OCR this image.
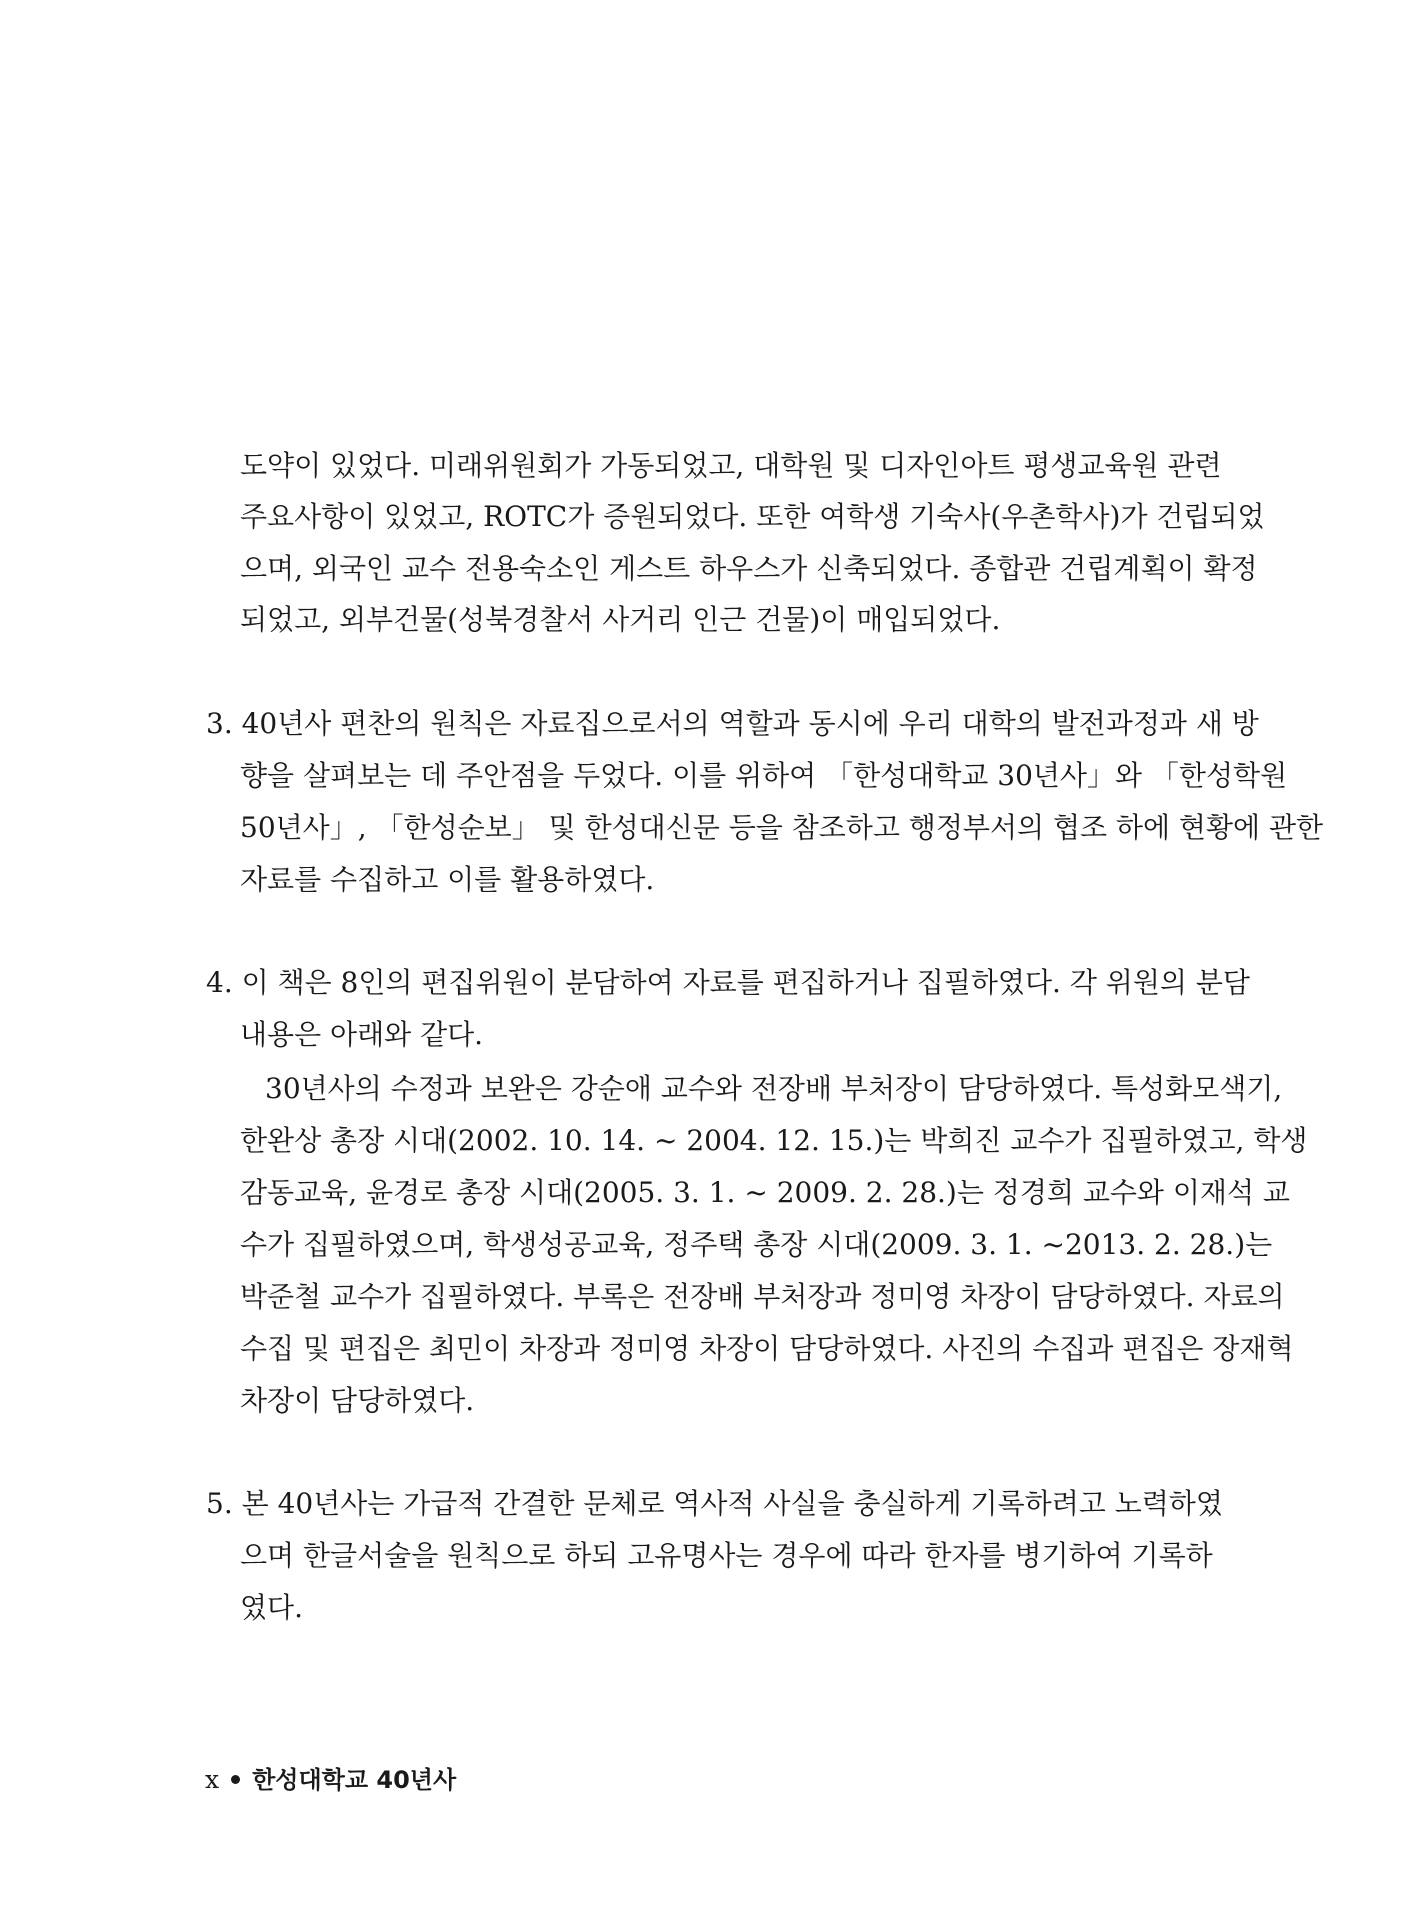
도약이 있었다. 미래위원회가 가동되었고, 대학원 및 디자인아트 평생교육원 관련
주요사항이 있었고, ROTC가 증원되었다. 또한 여학생 기숙사(우촌학사)가 건립되었
으며, 외국인 교수 전용숙소인 게스트 하우스가 신축되었다. 종합관 건립계획이 확정
되었고, 외부건물(성북경찰서 사거리 인근 건물)이 매입되었다.
3. 40년사 편찬의 원칙은 자료집으로서의 역할과 동시에 우리 대학의 발전과정과 새 방
향을 살펴보는 데 주안점을 두었다. 이를 위하여 「한성대학교 30년사」와 「한성학원
50년사」, 「한성순보」 및 한성대신문 등을 참조하고 행정부서의 협조 하에 현황에 관한
자료를 수집하고 이를 활용하였다.
4. 이 책은 8인의 편집위원이 분담하여 자료를 편집하거나 집필하였다. 각 위원의 분담
내용은 아래와 같다.
30년사의 수정과 보완은 강순애 교수와 전장배 부처장이 담당하였다. 특성화모색기,
한완상 총장 시대(2002. 10. 14. ~ 2004. 12. 15.)는 박희진 교수가 집필하였고, 학생
감동교육, 윤경로 총장 시대(2005. 3. 1. ~ 2009. 2. 28.)는 정경희 교수와 이재석 교
수가 집필하였으며, 학생성공교육, 정주택 총장 시대(2009. 3. 1. ~2013. 2. 28.)는
박준철 교수가 집필하였다. 부록은 전장배 부처장과 정미영 차장이 담당하였다. 자료의
수집 및 편집은 최민이 차장과 정미영 차장이 담당하였다. 사진의 수집과 편집은 장재혁
차장이 담당하였다.
5. 본 40년사는 가급적 간결한 문체로 역사적 사실을 충실하게 기록하려고 노력하였
으며 한글서술을 원칙으로 하되 고유명사는 경우에 따라 한자를 병기하여 기록하
였다.
x 한성대학교 40년사
